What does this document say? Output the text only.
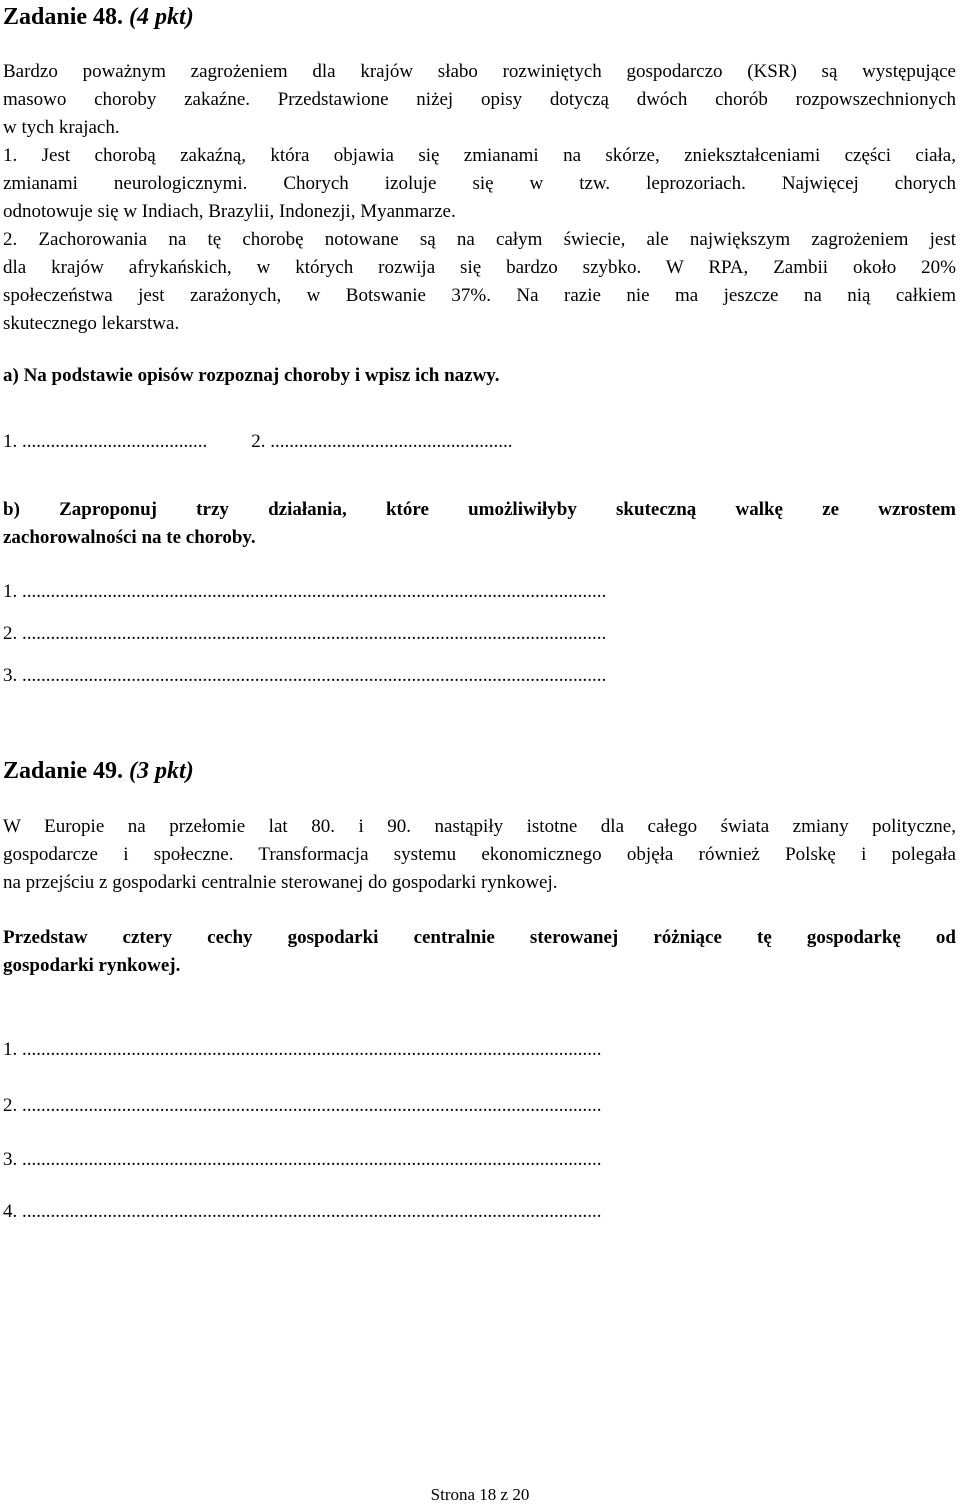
Zadanie 48. (4 pkt)

Bardzo poważnym zagrożeniem dla krajów słabo rozwiniętych gospodarczo (KSR) są występujące

masowo choroby zakaźne. Przedstawione niżej opisy dotyczą dwóch chorób rozpowszechnionych

w tych krajach.

1. Jest chorobą zakaźną, która objawia się zmianami na skórze, zniekształceniami części ciała,

zmianami neurologicznymi. Chorych izoluje się w tzw. leprozoriach. Najwięcej chorych

odnotowuje się w Indiach, Brazylii, Indonezji, Myanmarze.

2. Zachorowania na tę chorobę notowane są na całym świecie, ale największym zagrożeniem jest

dla krajów afrykańskich, w których rozwija się bardzo szybko. W RPA, Zambii około 20%

społeczeństwa jest zarażonych, w Botswanie 37%. Na razie nie ma jeszcze na nią całkiem

skutecznego lekarstwa.

a) Na podstawie opisów rozpoznaj choroby i wpisz ich nazwy.

1. ....................................... 2. ...................................................

b) Zaproponuj trzy działania, które umożliwiłyby skuteczną walkę ze wzrostem

zachorowalności na te choroby.

1. ...........................................................................................................................

2. ...........................................................................................................................

3. ...........................................................................................................................

Zadanie 49. (3 pkt)

W Europie na przełomie lat 80. i 90. nastąpiły istotne dla całego świata zmiany polityczne,

gospodarcze i społeczne. Transformacja systemu ekonomicznego objęła również Polskę i polegała

na przejściu z gospodarki centralnie sterowanej do gospodarki rynkowej.

Przedstaw cztery cechy gospodarki centralnie sterowanej różniące tę gospodarkę od

gospodarki rynkowej.

1. ..........................................................................................................................

2. ..........................................................................................................................

3. ..........................................................................................................................

4. ..........................................................................................................................

Strona 18 z 20
